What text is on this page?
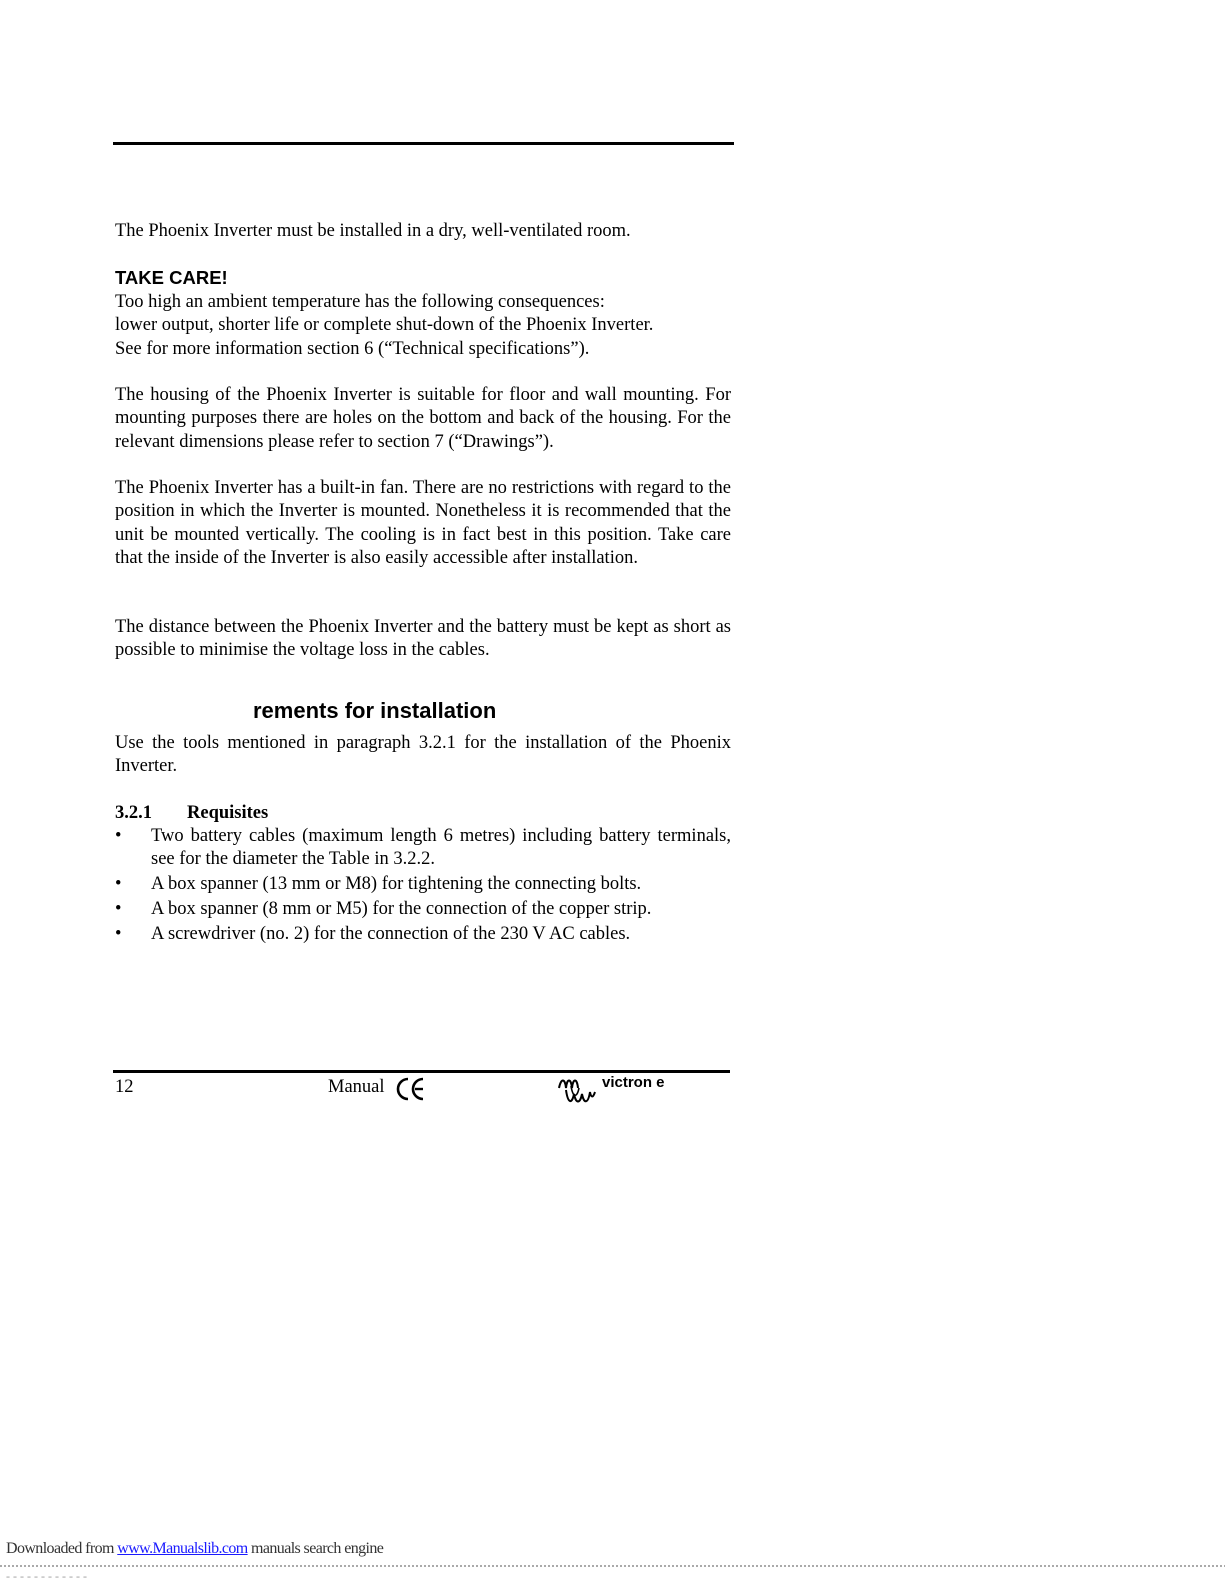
The Phoenix Inverter must be installed in a dry, well-ventilated room.

TAKE CARE!

Too high an ambient temperature has the following consequences:
lower output, shorter life or complete shut-down of the Phoenix Inverter.
See for more information section 6 (“Technical specifications”).

The housing of the Phoenix Inverter is suitable for floor and wall mounting. For mounting purposes there are holes on the bottom and back of the housing. For the relevant dimensions please refer to section 7 (“Drawings”).

The Phoenix Inverter has a built-in fan. There are no restrictions with regard to the position in which the Inverter is mounted. Nonetheless it is recommended that the unit be mounted vertically. The cooling is in fact best in this position. Take care that the inside of the Inverter is also easily accessible after installation.

The distance between the Phoenix Inverter and the battery must be kept as short as possible to minimise the voltage loss in the cables.

rements for installation

Use the tools mentioned in paragraph 3.2.1 for the installation of the Phoenix Inverter.

3.2.1 Requisites

• Two battery cables (maximum length 6 metres) including battery terminals, see for the diameter the Table in 3.2.2.
• A box spanner (13 mm or M8) for tightening the connecting bolts.
• A box spanner (8 mm or M5) for the connection of the copper strip.
• A screwdriver (no. 2) for the connection of the 230 V AC cables.
12	Manual	victron e
Downloaded from www.Manualslib.com manuals search engine
- - - - - - - - - - - -
